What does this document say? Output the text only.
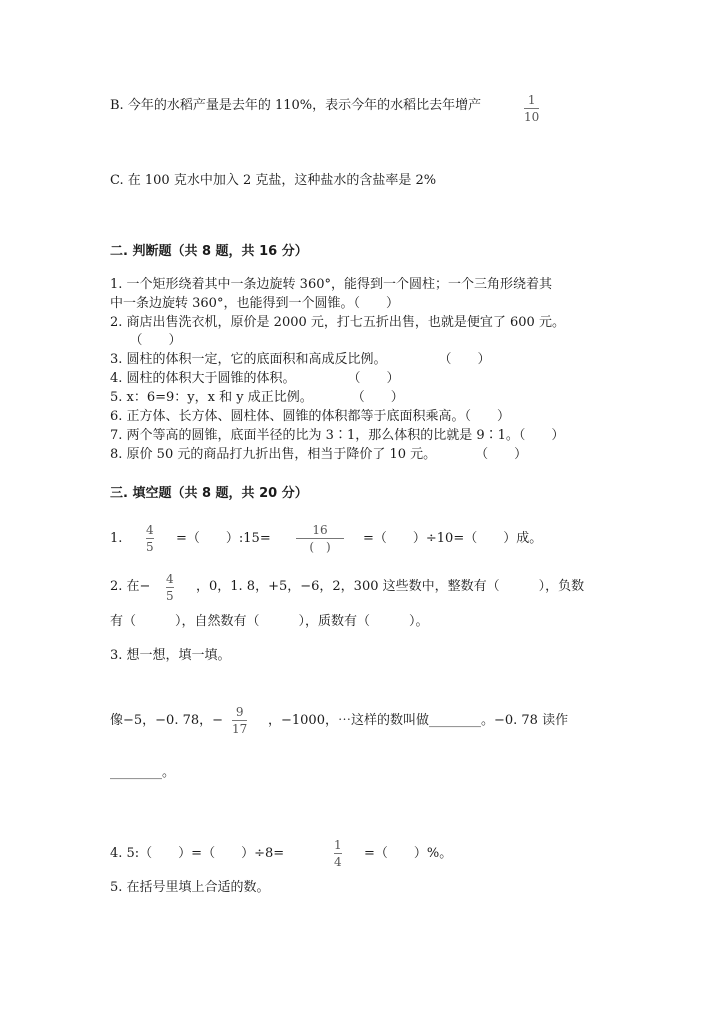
B. 今年的水稻产量是去年的 110%，表示今年的水稻比去年增产	1
10
C. 在 100 克水中加入 2 克盐，这种盐水的含盐率是 2%
二. 判断题（共 8 题，共 16 分）
1. 一个矩形绕着其中一条边旋转 360°，能得到一个圆柱；一个三角形绕着其
中一条边旋转 360°，也能得到一个圆锥。（　　）
2. 商店出售洗衣机，原价是 2000 元，打七五折出售，也就是便宜了 600 元。
　　（　　）
3. 圆柱的体积一定，它的底面积和高成反比例。　　　　　（　　）
4. 圆柱的体积大于圆锥的体积。　　　　　（　　）
5. x：6=9：y，x 和 y 成正比例。　　　　（　　）
6. 正方体、长方体、圆柱体、圆锥的体积都等于底面积乘高。（　　）
7. 两个等高的圆锥，底面半径的比为 3∶1，那么体积的比就是 9∶1。（　　）
8. 原价 50 元的商品打九折出售，相当于降价了 10 元。　　　　（　　）
三. 填空题（共 8 题，共 20 分）
1.
4
5
=（　　）:15=
16
(　)
=（　　）÷10=（　　）成。
2. 在− 4
5
，0，1. 8，+5，−6，2，300 这些数中，整数有（　　　），负数
有（　　　），自然数有（　　　），质数有（　　　）。
3. 想一想，填一填。
像−5，−0. 78，−
9
17
，−1000，⋯这样的数叫做________。−0. 78 读作
________。
4. 5:（　　）=（　　）÷8=
1
4
=（　　）%。
5. 在括号里填上合适的数。
